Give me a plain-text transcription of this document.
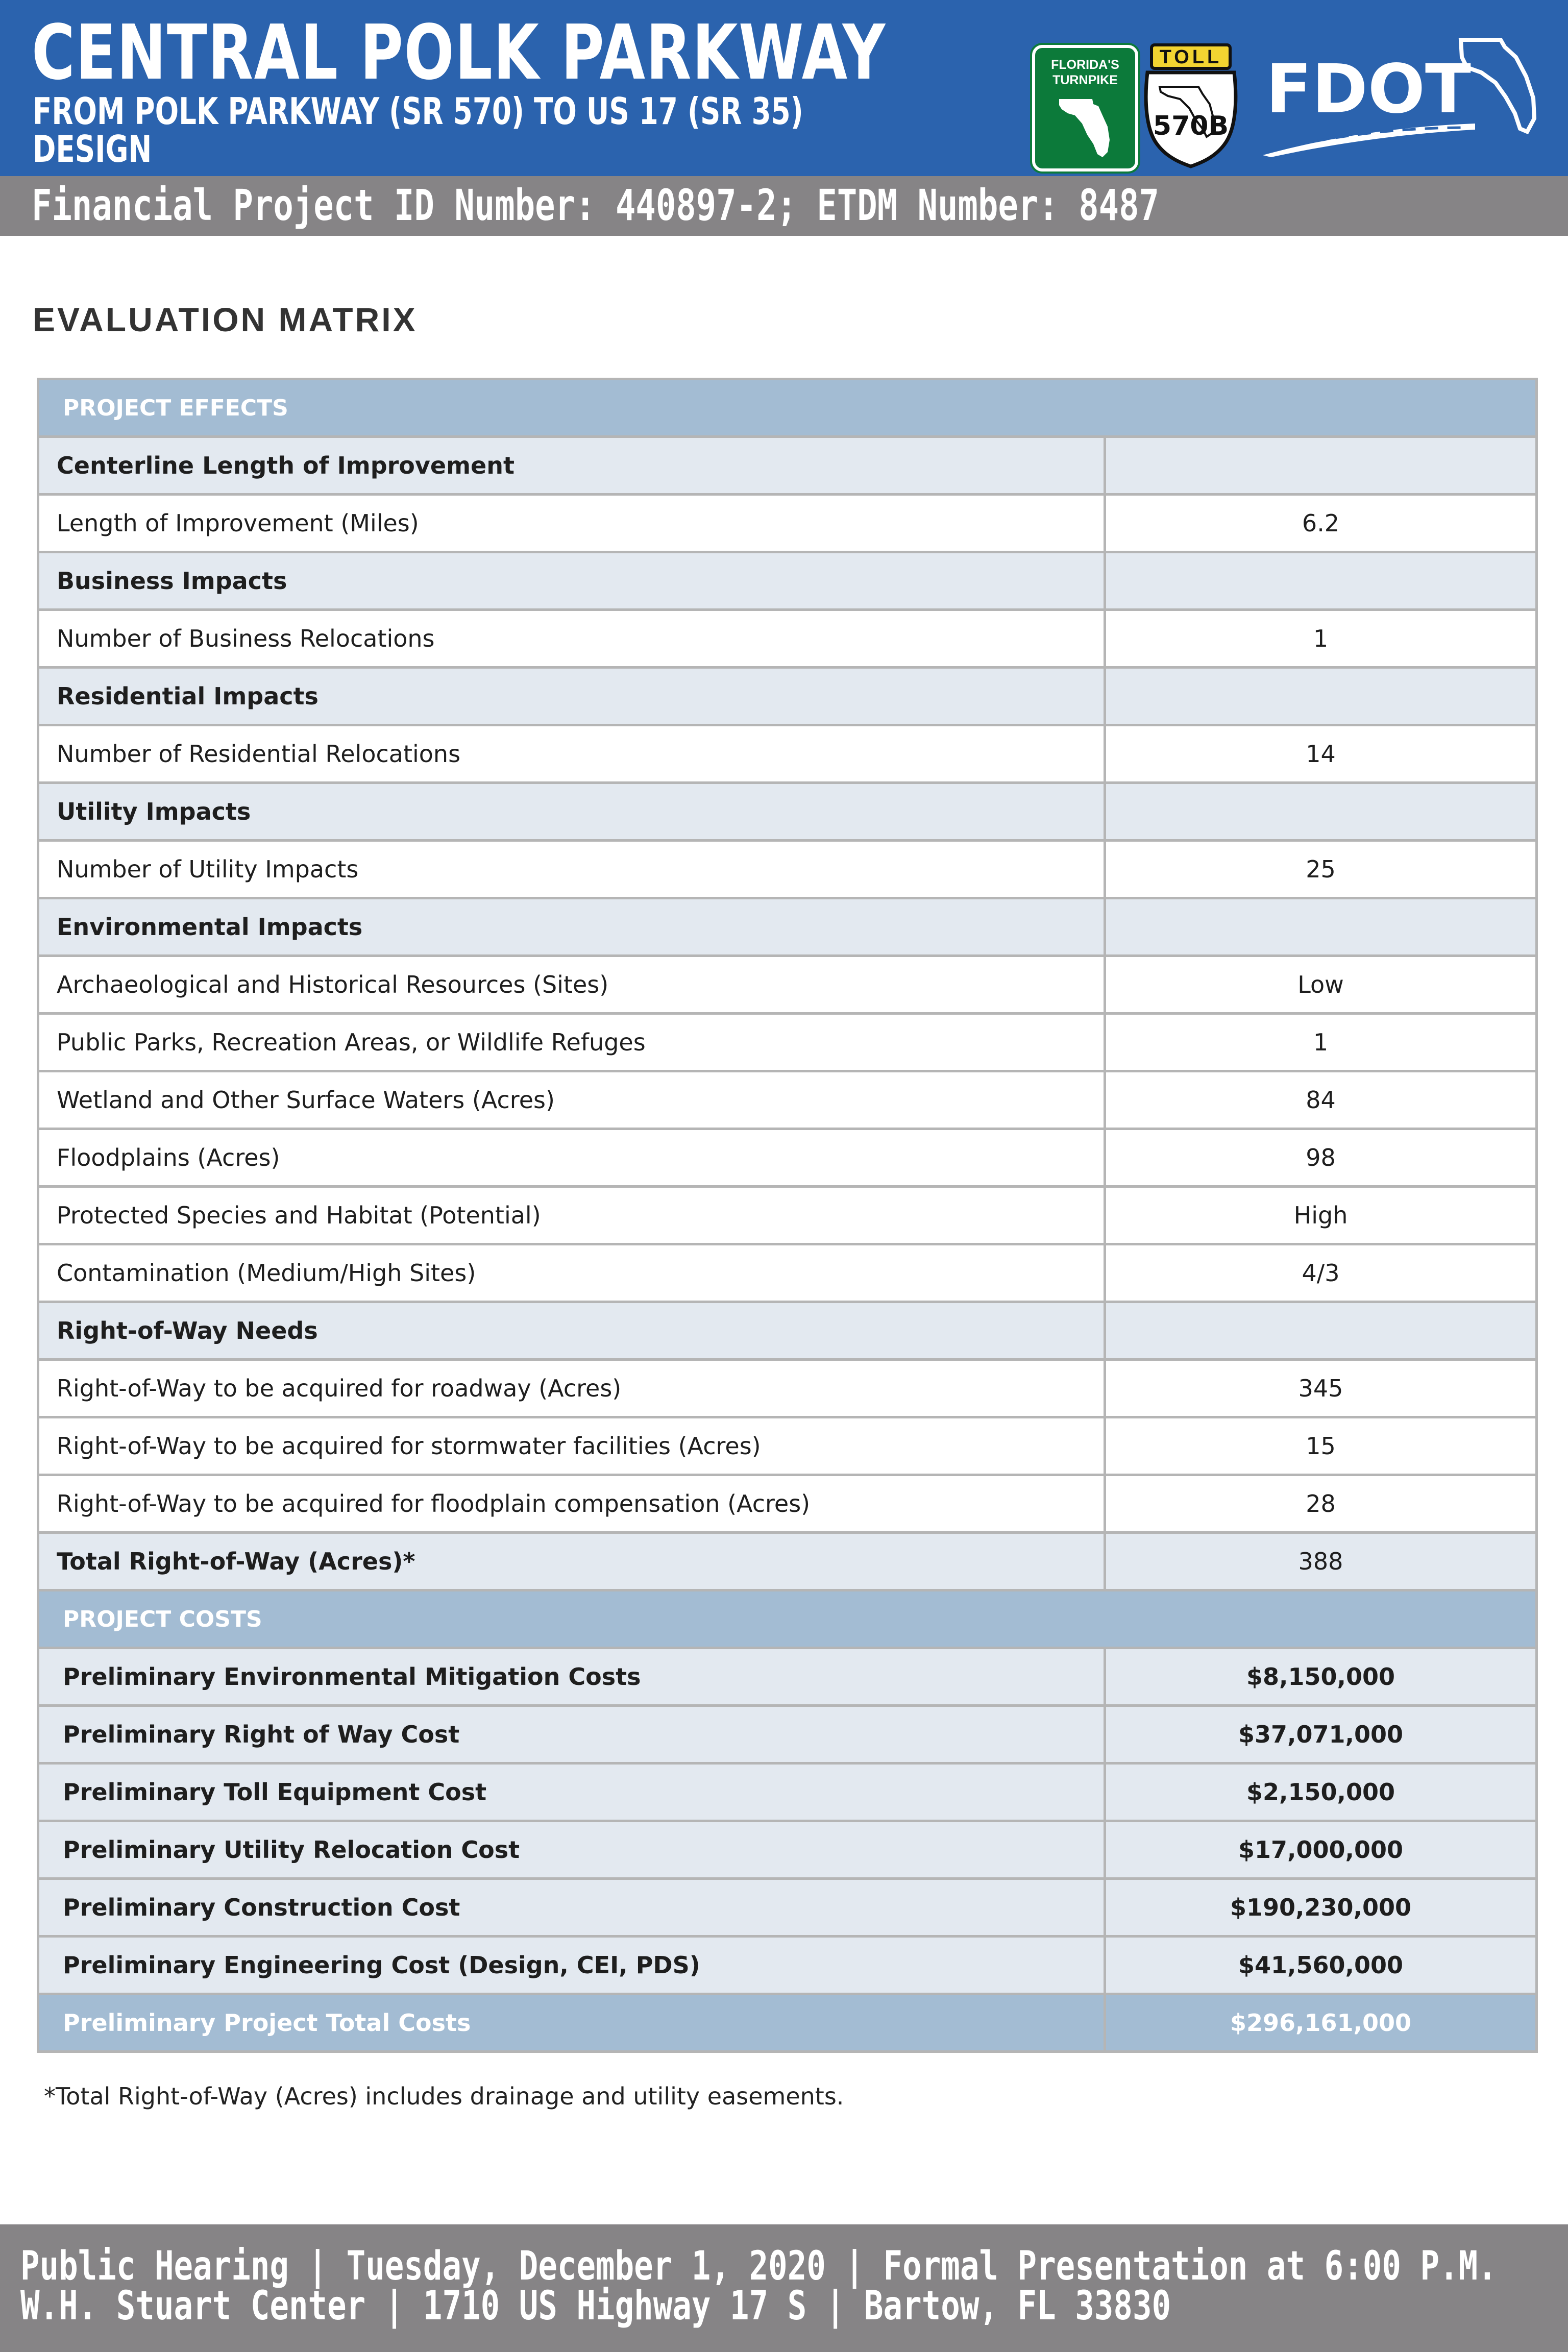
CENTRAL POLK PARKWAY

FROM POLK PARKWAY (SR 570) TO US 17 (SR 35)

DESIGN

FLORIDA'S TURNPIKE
TOLL
570B FDOT

Financial Project ID Number: 440897-2; ETDM Number: 8487

EVALUATION MATRIX
PROJECT EFFECTS	
Centerline Length of Improvement	
Length of Improvement (Miles)	6.2
Business Impacts	
Number of Business Relocations	1
Residential Impacts	
Number of Residential Relocations	14
Utility Impacts	
Number of Utility Impacts	25
Environmental Impacts	
Archaeological and Historical Resources (Sites)	Low
Public Parks, Recreation Areas, or Wildlife Refuges	1
Wetland and Other Surface Waters (Acres)	84
Floodplains (Acres)	98
Protected Species and Habitat (Potential)	High
Contamination (Medium/High Sites)	4/3
Right-of-Way Needs	
Right-of-Way to be acquired for roadway (Acres)	345
Right-of-Way to be acquired for stormwater facilities (Acres)	15
Right-of-Way to be acquired for floodplain compensation (Acres)	28
Total Right-of-Way (Acres)*	388
PROJECT COSTS	
Preliminary Environmental Mitigation Costs	$8,150,000
Preliminary Right of Way Cost	$37,071,000
Preliminary Toll Equipment Cost	$2,150,000
Preliminary Utility Relocation Cost	$17,000,000
Preliminary Construction Cost	$190,230,000
Preliminary Engineering Cost (Design, CEI, PDS)	$41,560,000
Preliminary Project Total Costs	$296,161,000

*Total Right-of-Way (Acres) includes drainage and utility easements.

Public Hearing | Tuesday, December 1, 2020 | Formal Presentation at 6:00 P.M.

W.H. Stuart Center | 1710 US Highway 17 S | Bartow, FL 33830
